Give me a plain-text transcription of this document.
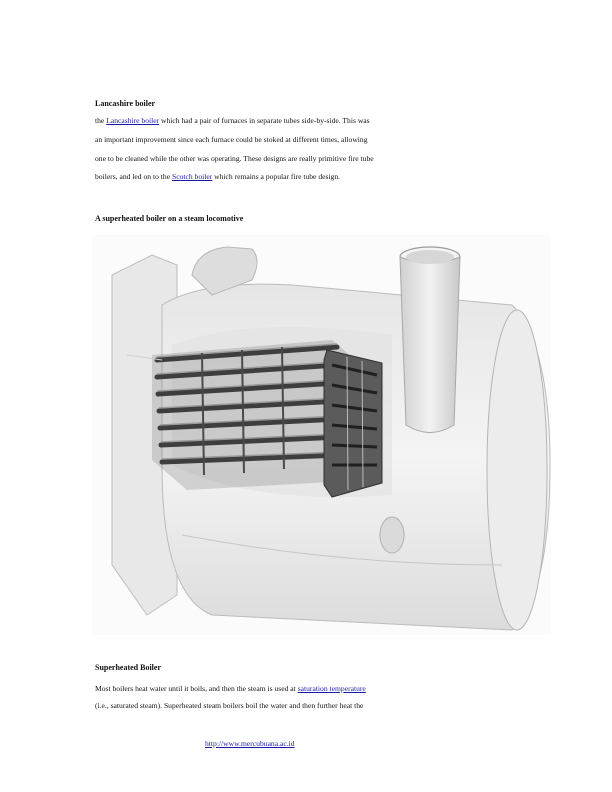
Lancashire boiler
the Lancashire boiler which had a pair of furnaces in separate tubes side-by-side. This was
an important improvement since each furnace could be stoked at different times, allowing
one to be cleaned while the other was operating. These designs are really primitive fire tube
boilers, and led on to the Scotch boiler which remains a popular fire tube design.
A superheated boiler on a steam locomotive
Superheated Boiler
Most boilers heat water until it boils, and then the steam is used at saturation temperature
(i.e., saturated steam). Superheated steam boilers boil the water and then further heat the
http://www.mercubuana.ac.id
